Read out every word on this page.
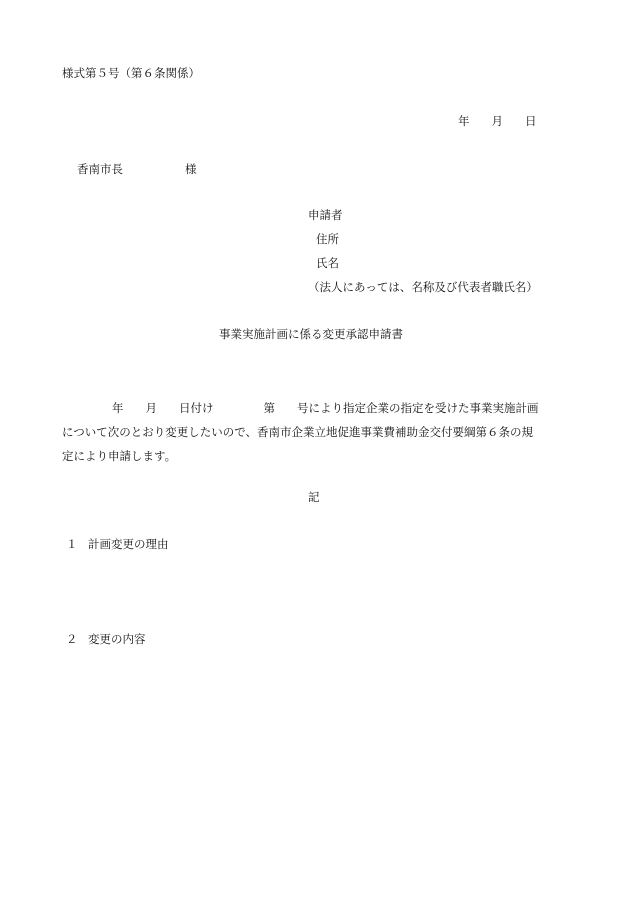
様式第５号（第６条関係）
年 月 日
香南市長	様
申請者
住所
氏名
（法人にあっては、名称及び代表者職氏名）
事業実施計画に係る変更承認申請書
年 月 日付け	第 号により指定企業の指定を受けた事業実施計画
について次のとおり変更したいので、香南市企業立地促進事業費補助金交付要綱第６条の規
定により申請します。
記
１ 計画変更の理由
２ 変更の内容
